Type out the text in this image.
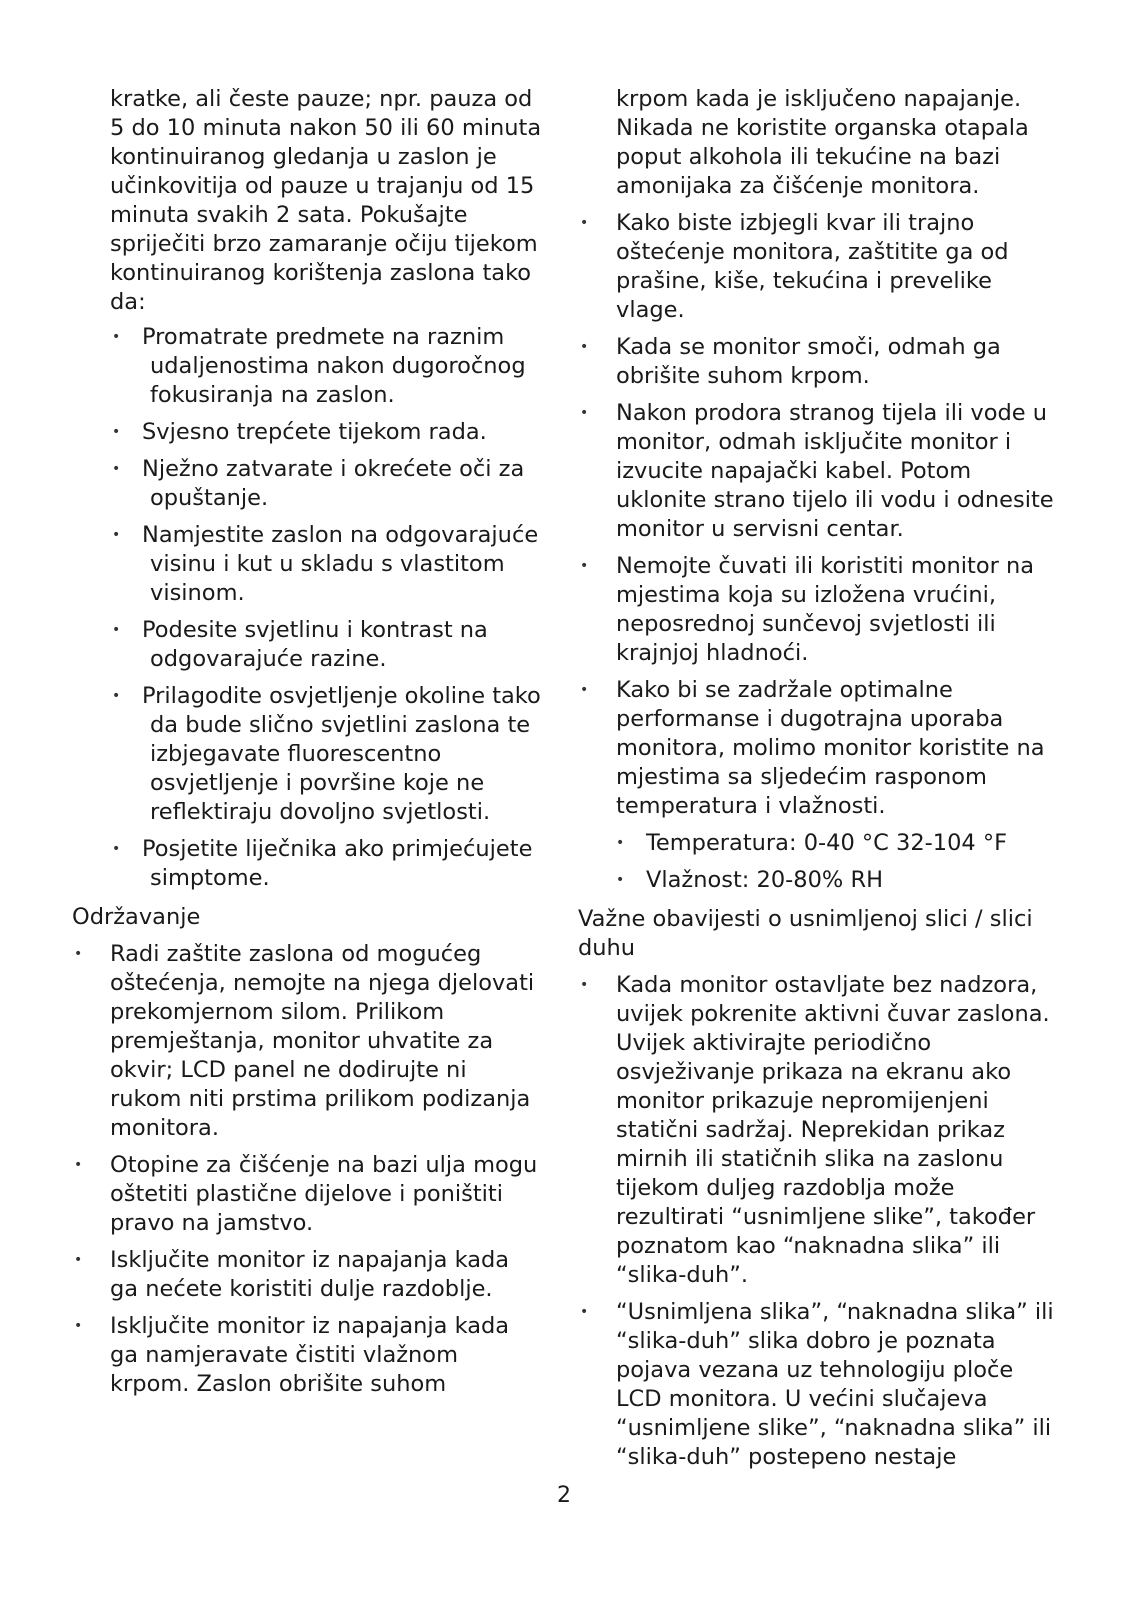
kratke, ali česte pauze; npr. pauza od 5 do 10 minuta nakon 50 ili 60 minuta kontinuiranog gledanja u zaslon je učinkovitija od pauze u trajanju od 15 minuta svakih 2 sata. Pokušajte spriječiti brzo zamaranje očiju tijekom kontinuiranog korištenja zaslona tako da:

• Promatrate predmete na raznim udaljenostima nakon dugoročnog fokusiranja na zaslon.
• Svjesno trepćete tijekom rada.
• Nježno zatvarate i okrećete oči za opuštanje.
• Namjestite zaslon na odgovarajuće visinu i kut u skladu s vlastitom visinom.
• Podesite svjetlinu i kontrast na odgovarajuće razine.
• Prilagodite osvjetljenje okoline tako da bude slično svjetlini zaslona te izbjegavate fluorescentno osvjetljenje i površine koje ne reflektiraju dovoljno svjetlosti.
• Posjetite liječnika ako primjećujete simptome.

Održavanje

• Radi zaštite zaslona od mogućeg oštećenja, nemojte na njega djelovati prekomjernom silom. Prilikom premještanja, monitor uhvatite za okvir; LCD panel ne dodirujte ni rukom niti prstima prilikom podizanja monitora.
• Otopine za čišćenje na bazi ulja mogu oštetiti plastične dijelove i poništiti pravo na jamstvo.
• Isključite monitor iz napajanja kada ga nećete koristiti dulje razdoblje.
• Isključite monitor iz napajanja kada ga namjeravate čistiti vlažnom krpom. Zaslon obrišite suhom

krpom kada je isključeno napajanje. Nikada ne koristite organska otapala poput alkohola ili tekućine na bazi amonijaka za čišćenje monitora.

• Kako biste izbjegli kvar ili trajno oštećenje monitora, zaštitite ga od prašine, kiše, tekućina i prevelike vlage.
• Kada se monitor smoči, odmah ga obrišite suhom krpom.
• Nakon prodora stranog tijela ili vode u monitor, odmah isključite monitor i izvucite napajački kabel. Potom uklonite strano tijelo ili vodu i odnesite monitor u servisni centar.
• Nemojte čuvati ili koristiti monitor na mjestima koja su izložena vrućini, neposrednoj sunčevoj svjetlosti ili krajnjoj hladnoći.
• Kako bi se zadržale optimalne performanse i dugotrajna uporaba monitora, molimo monitor koristite na mjestima sa sljedećim rasponom temperatura i vlažnosti.
• Temperatura: 0-40 °C 32-104 °F
• Vlažnost: 20-80% RH

Važne obavijesti o usnimljenoj slici / slici duhu

• Kada monitor ostavljate bez nadzora, uvijek pokrenite aktivni čuvar zaslona. Uvijek aktivirajte periodično osvježivanje prikaza na ekranu ako monitor prikazuje nepromijenjeni statični sadržaj. Neprekidan prikaz mirnih ili statičnih slika na zaslonu tijekom duljeg razdoblja može rezultirati “usnimljene slike”, također poznatom kao “naknadna slika” ili “slika-duh”.
• “Usnimljena slika”, “naknadna slika” ili “slika-duh” slika dobro je poznata pojava vezana uz tehnologiju ploče LCD monitora. U većini slučajeva “usnimljene slike”, “naknadna slika” ili “slika-duh” postepeno nestaje
2
